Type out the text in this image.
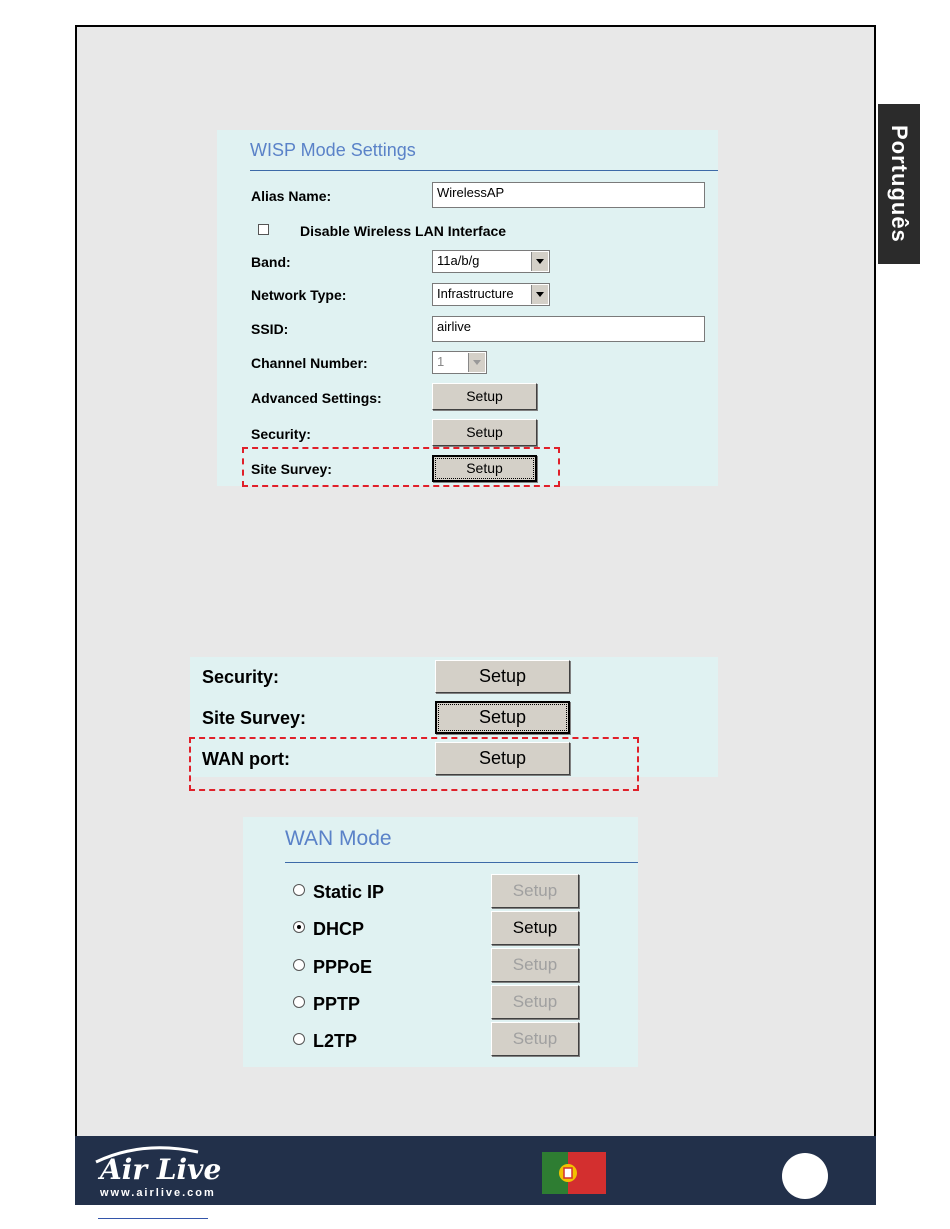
Português
WISP Mode Settings
Alias Name:	WirelessAP
Disable Wireless LAN Interface
Band:	11a/b/g
Network Type:	Infrastructure
SSID:	airlive
Channel Number:	1
Advanced Settings:	Setup
Security:	Setup
Site Survey:	Setup
Security:	Setup
Site Survey:	Setup
WAN port:	Setup
WAN Mode
Static IP	Setup
DHCP	Setup
PPPoE	Setup
PPTP	Setup
L2TP	Setup
Air Live
www.airlive.com
